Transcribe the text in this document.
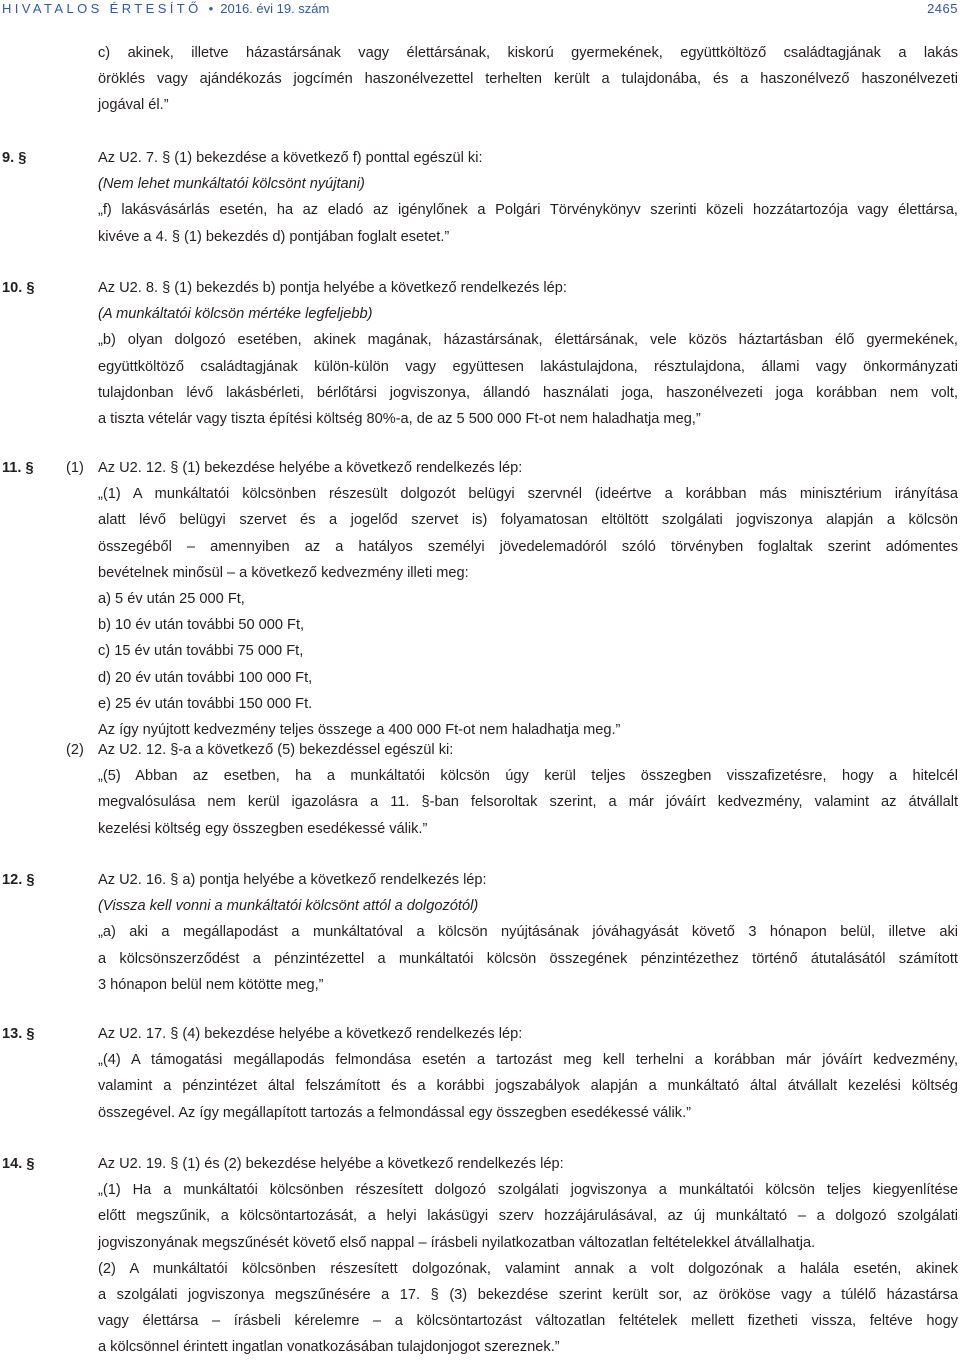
HIVATALOS ÉRTESÍTŐ • 2016. évi 19. szám	2465
c) akinek, illetve házastársának vagy élettársának, kiskorú gyermekének, együttköltöző családtagjának a lakás
öröklés vagy ajándékozás jogcímén haszonélvezettel terhelten került a tulajdonába, és a haszonélvező haszonélvezeti
jogával él.”
9. §	Az U2. 7. § (1) bekezdése a következő f) ponttal egészül ki:
(Nem lehet munkáltatói kölcsönt nyújtani)
„f) lakásvásárlás esetén, ha az eladó az igénylőnek a Polgári Törvénykönyv szerinti közeli hozzátartozója vagy élettársa,
kivéve a 4. § (1) bekezdés d) pontjában foglalt esetet.”
10. §	Az U2. 8. § (1) bekezdés b) pontja helyébe a következő rendelkezés lép:
(A munkáltatói kölcsön mértéke legfeljebb)
„b) olyan dolgozó esetében, akinek magának, házastársának, élettársának, vele közös háztartásban élő gyermekének,
együttköltöző családtagjának külön-külön vagy együttesen lakástulajdona, résztulajdona, állami vagy önkormányzati
tulajdonban lévő lakásbérleti, bérlőtársi jogviszonya, állandó használati joga, haszonélvezeti joga korábban nem volt,
a tiszta vételár vagy tiszta építési költség 80%-a, de az 5 500 000 Ft-ot nem haladhatja meg,”
11. § (1) Az U2. 12. § (1) bekezdése helyébe a következő rendelkezés lép:
„(1) A munkáltatói kölcsönben részesült dolgozót belügyi szervnél (ideértve a korábban más minisztérium irányítása
alatt lévő belügyi szervet és a jogelőd szervet is) folyamatosan eltöltött szolgálati jogviszonya alapján a kölcsön
összegéből – amennyiben az a hatályos személyi jövedelemadóról szóló törvényben foglaltak szerint adómentes
bevételnek minősül – a következő kedvezmény illeti meg:
a) 5 év után 25 000 Ft,
b) 10 év után további 50 000 Ft,
c) 15 év után további 75 000 Ft,
d) 20 év után további 100 000 Ft,
e) 25 év után további 150 000 Ft.
Az így nyújtott kedvezmény teljes összege a 400 000 Ft-ot nem haladhatja meg.”
(2) Az U2. 12. §-a a következő (5) bekezdéssel egészül ki:
„(5) Abban az esetben, ha a munkáltatói kölcsön úgy kerül teljes összegben visszafizetésre, hogy a hitelcél
megvalósulása nem kerül igazolásra a 11. §-ban felsoroltak szerint, a már jóváírt kedvezmény, valamint az átvállalt
kezelési költség egy összegben esedékessé válik.”
12. §	Az U2. 16. § a) pontja helyébe a következő rendelkezés lép:
(Vissza kell vonni a munkáltatói kölcsönt attól a dolgozótól)
„a) aki a megállapodást a munkáltatóval a kölcsön nyújtásának jóváhagyását követő 3 hónapon belül, illetve aki
a kölcsönszerződést a pénzintézettel a munkáltatói kölcsön összegének pénzintézethez történő átutalásától számított
3 hónapon belül nem kötötte meg,”
13. §	Az U2. 17. § (4) bekezdése helyébe a következő rendelkezés lép:
„(4) A támogatási megállapodás felmondása esetén a tartozást meg kell terhelni a korábban már jóváírt kedvezmény,
valamint a pénzintézet által felszámított és a korábbi jogszabályok alapján a munkáltató által átvállalt kezelési költség
összegével. Az így megállapított tartozás a felmondással egy összegben esedékessé válik.”
14. §	Az U2. 19. § (1) és (2) bekezdése helyébe a következő rendelkezés lép:
„(1) Ha a munkáltatói kölcsönben részesített dolgozó szolgálati jogviszonya a munkáltatói kölcsön teljes kiegyenlítése
előtt megszűnik, a kölcsöntartozását, a helyi lakásügyi szerv hozzájárulásával, az új munkáltató – a dolgozó szolgálati
jogviszonyának megszűnését követő első nappal – írásbeli nyilatkozatban változatlan feltételekkel átvállalhatja.
(2) A munkáltatói kölcsönben részesített dolgozónak, valamint annak a volt dolgozónak a halála esetén, akinek
a szolgálati jogviszonya megszűnésére a 17. § (3) bekezdése szerint került sor, az örököse vagy a túlélő házastársa
vagy élettársa – írásbeli kérelemre – a kölcsöntartozást változatlan feltételek mellett fizetheti vissza, feltéve hogy
a kölcsönnel érintett ingatlan vonatkozásában tulajdonjogot szereznek.”
